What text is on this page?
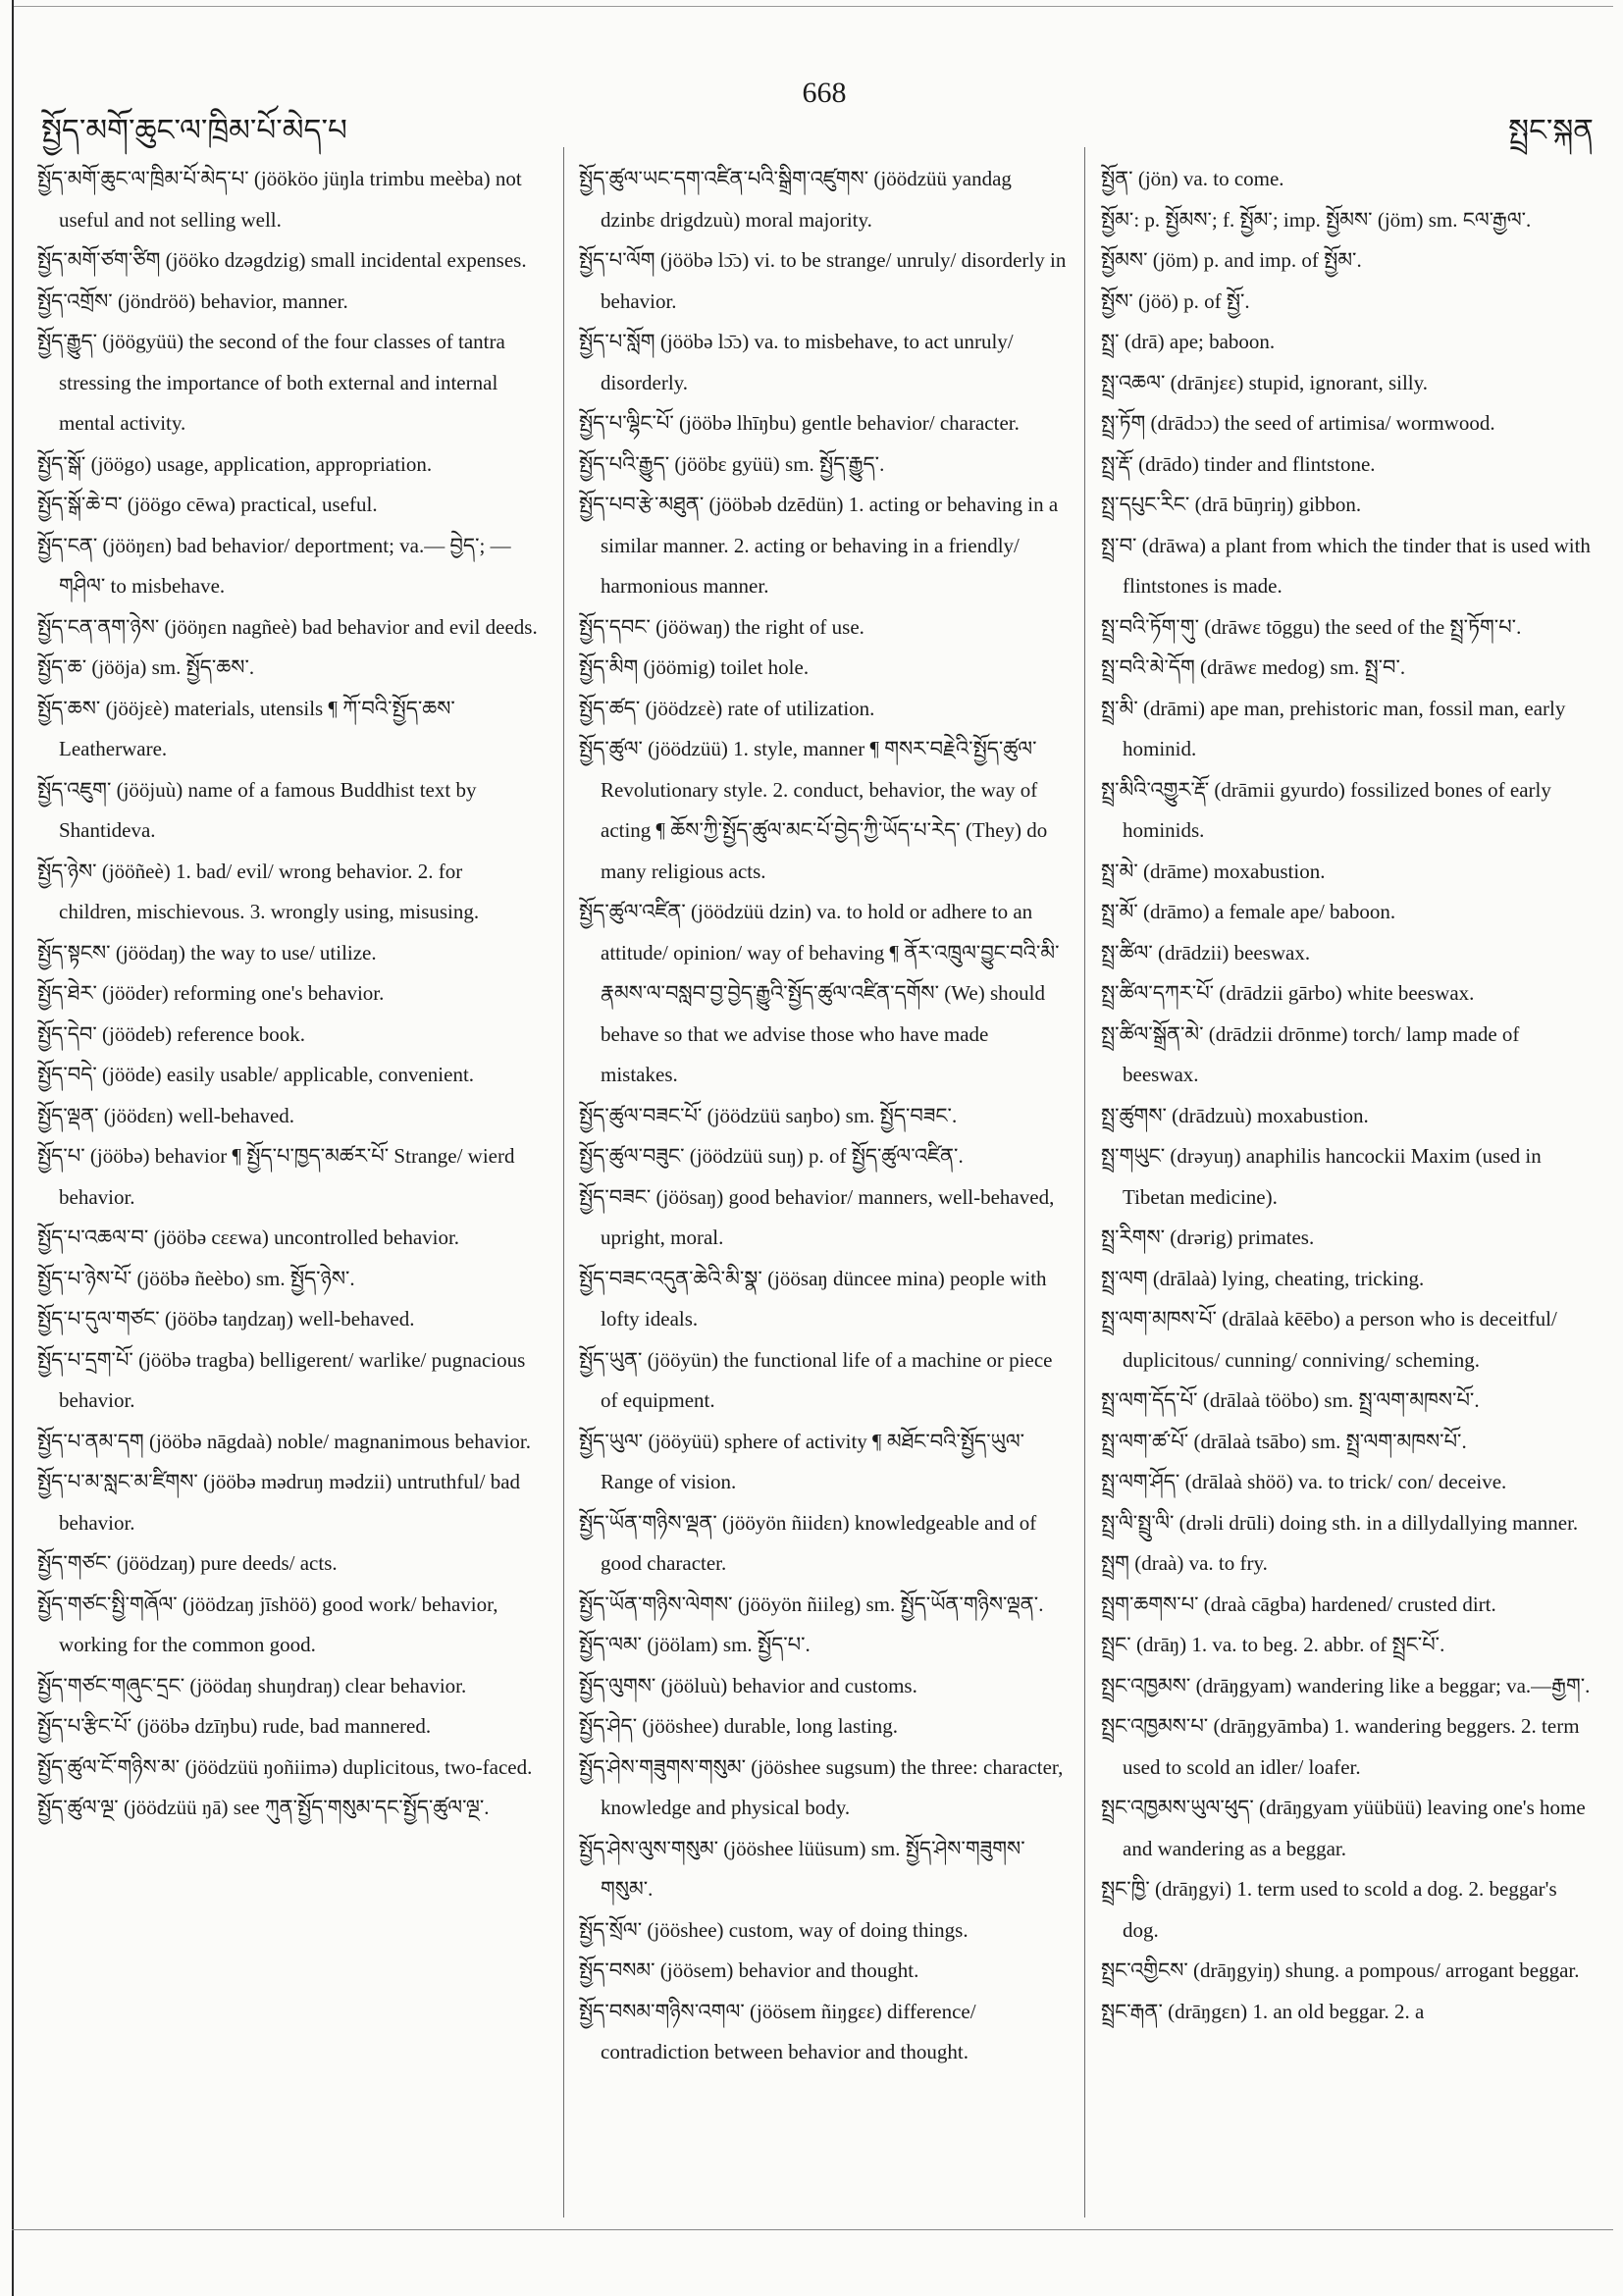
སྤྱོད་མགོ་ཆུང་ལ་ཁྲིམ་པོ་མེད་པ
668
སྤྲང་སྐན

སྤྱོད་མགོ་ཆུང་ལ་ཁྲིམ་པོ་མེད་པ་ (jöököo jüŋla trimbu meèba) not useful and not selling well.

སྤྱོད་མགོ་ཙག་ཙིག (jööko dzəgdzig) small incidental expenses.

སྤྱོད་འགྲོས་ (jöndröö) behavior, manner.

སྤྱོད་རྒྱུད་ (jöögyüü) the second of the four classes of tantra stressing the importance of both external and internal mental activity.

སྤྱོད་སྒོ་ (jöögo) usage, application, appropriation.

སྤྱོད་སྒོ་ཆེ་བ་ (jöögo cēwa) practical, useful.

སྤྱོད་ངན་ (jööŋɛn) bad behavior/ deportment; va.— བྱེད་; —གཤིལ་ to misbehave.

སྤྱོད་ངན་ནག་ཉེས་ (jööŋɛn nagñeè) bad behavior and evil deeds.

སྤྱོད་ཆ་ (jööja) sm. སྤྱོད་ཆས་.

སྤྱོད་ཆས་ (jööjɛè) materials, utensils ¶ ཀོ་བའི་སྤྱོད་ཆས་ Leatherware.

སྤྱོད་འཇུག་ (jööjuù) name of a famous Buddhist text by Shantideva.

སྤྱོད་ཉེས་ (jööñeè) 1. bad/ evil/ wrong behavior. 2. for children, mischievous. 3. wrongly using, misusing.

སྤྱོད་སྟངས་ (jöödaŋ) the way to use/ utilize.

སྤྱོད་ཐེར་ (jööder) reforming one's behavior.

སྤྱོད་དེབ་ (jöödeb) reference book.

སྤྱོད་བདེ་ (jööde) easily usable/ applicable, convenient.

སྤྱོད་ལྡན་ (jöödɛn) well-behaved.

སྤྱོད་པ་ (jööbə) behavior ¶ སྤྱོད་པ་ཁྱད་མཚར་པོ་ Strange/ wierd behavior.

སྤྱོད་པ་འཆལ་བ་ (jööbə cɛɛwa) uncontrolled behavior.

སྤྱོད་པ་ཉེས་པོ་ (jööbə ñeèbo) sm. སྤྱོད་ཉེས་.

སྤྱོད་པ་དུལ་གཙང་ (jööbə taŋdzaŋ) well-behaved.

སྤྱོད་པ་དྲག་པོ་ (jööbə tragba) belligerent/ warlike/ pugnacious behavior.

སྤྱོད་པ་ནམ་དག (jööbə nāgdaà) noble/ magnanimous behavior.

སྤྱོད་པ་མ་སླང་མ་ཛིགས་ (jööbə mədruŋ mədzii) untruthful/ bad behavior.

སྤྱོད་གཙང་ (jöödzaŋ) pure deeds/ acts.

སྤྱོད་གཙང་སྤྱི་གཞོལ་ (jöödzaŋ jīshöö) good work/ behavior, working for the common good.

སྤྱོད་གཙང་གཞུང་དྲང་ (jöödaŋ shuŋdraŋ) clear behavior.

སྤྱོད་པ་རྩིང་པོ་ (jööbə dzīŋbu) rude, bad mannered.

སྤྱོད་ཚུལ་ངོ་གཉིས་མ་ (jöödzüü ŋoñiimə) duplicitous, two-faced.

སྤྱོད་ཚུལ་ལྔ་ (jöödzüü ŋā) see ཀུན་སྤྱོད་གསུམ་དང་སྤྱོད་ཚུལ་ལྔ་.

སྤྱོད་ཚུལ་ཡང་དག་འཛིན་པའི་སྒྲིག་འཛུགས་ (jöödzüü yandag dzinbɛ drigdzuù) moral majority.

སྤྱོད་པ་ལོག (jööbə lɔ̄ɔ) vi. to be strange/ unruly/ disorderly in behavior.

སྤྱོད་པ་སློག (jööbə lɔ̄ɔ) va. to misbehave, to act unruly/ disorderly.

སྤྱོད་པ་ལྷིང་པོ་ (jööbə lhīŋbu) gentle behavior/ character.

སྤྱོད་པའི་རྒྱུད་ (jööbɛ gyüü) sm. སྤྱོད་རྒྱུད་.

སྤྱོད་པབ་རྩེ་མཐུན་ (jööbəb dzēdün) 1. acting or behaving in a similar manner. 2. acting or behaving in a friendly/ harmonious manner.

སྤྱོད་དབང་ (jööwaŋ) the right of use.

སྤྱོད་མིག (jöömig) toilet hole.

སྤྱོད་ཚད་ (jöödzɛè) rate of utilization.

སྤྱོད་ཚུལ་ (jöödzüü) 1. style, manner ¶ གསར་བརྗེའི་སྤྱོད་ཚུལ་ Revolutionary style. 2. conduct, behavior, the way of acting ¶ ཆོས་ཀྱི་སྤྱོད་ཚུལ་མང་པོ་བྱེད་ཀྱི་ཡོད་པ་རེད་ (They) do many religious acts.

སྤྱོད་ཚུལ་འཛིན་ (jöödzüü dzin) va. to hold or adhere to an attitude/ opinion/ way of behaving ¶ ནོར་འཁྲུལ་བྱུང་བའི་མི་རྣམས་ལ་བསླབ་བྱ་བྱེད་རྒྱུའི་སྤྱོད་ཚུལ་འཛིན་དགོས་ (We) should behave so that we advise those who have made mistakes.

སྤྱོད་ཚུལ་བཟང་པོ་ (jöödzüü saŋbo) sm. སྤྱོད་བཟང་.

སྤྱོད་ཚུལ་བཟུང་ (jöödzüü suŋ) p. of སྤྱོད་ཚུལ་འཛིན་.

སྤྱོད་བཟང་ (jöösaŋ) good behavior/ manners, well-behaved, upright, moral.

སྤྱོད་བཟང་འདུན་ཆེའི་མི་སྣ་ (jöösaŋ düncee mina) people with lofty ideals.

སྤྱོད་ཡུན་ (jööyün) the functional life of a machine or piece of equipment.

སྤྱོད་ཡུལ་ (jööyüü) sphere of activity ¶ མཐོང་བའི་སྤྱོད་ཡུལ་ Range of vision.

སྤྱོད་ཡོན་གཉིས་ལྡན་ (jööyön ñiidɛn) knowledgeable and of good character.

སྤྱོད་ཡོན་གཉིས་ལེགས་ (jööyön ñiileg) sm. སྤྱོད་ཡོན་གཉིས་ལྡན་.

སྤྱོད་ལམ་ (jöölam) sm. སྤྱོད་པ་.

སྤྱོད་ལུགས་ (jööluù) behavior and customs.

སྤྱོད་ཤེད་ (jööshee) durable, long lasting.

སྤྱོད་ཤེས་གཟུགས་གསུམ་ (jööshee sugsum) the three: character, knowledge and physical body.

སྤྱོད་ཤེས་ལུས་གསུམ་ (jööshee lüüsum) sm. སྤྱོད་ཤེས་གཟུགས་གསུམ་.

སྤྱོད་སྲོལ་ (jööshee) custom, way of doing things.

སྤྱོད་བསམ་ (jöösem) behavior and thought.

སྤྱོད་བསམ་གཉིས་འགལ་ (jöösem ñiŋgɛɛ) difference/ contradiction between behavior and thought.

སྤྱོན་ (jön) va. to come.

སྤྱོམ་: p. སྤྱོམས་; f. སྤྱོམ་; imp. སྤྱོམས་ (jöm) sm. ངལ་རྒྱལ་.

སྤྱོམས་ (jöm) p. and imp. of སྤྱོམ་.

སྤྱོས་ (jöö) p. of སྤྱོ་.

སྤྲ་ (drā) ape; baboon.

སྤྲ་འཆལ་ (drānjɛɛ) stupid, ignorant, silly.

སྤྲ་ཏོག (drādɔɔ) the seed of artimisa/ wormwood.

སྤྲ་རྡོ་ (drādo) tinder and flintstone.

སྤྲ་དཔུང་རིང་ (drā būŋriŋ) gibbon.

སྤྲ་བ་ (drāwa) a plant from which the tinder that is used with flintstones is made.

སྤྲ་བའི་ཏོག་གུ་ (drāwɛ tōggu) the seed of the སྤྲ་ཏོག་པ་.

སྤྲ་བའི་མེ་དོག (drāwɛ medog) sm. སྤྲ་བ་.

སྤྲ་མི་ (drāmi) ape man, prehistoric man, fossil man, early hominid.

སྤྲ་མིའི་འགྱུར་རྡོ་ (drāmii gyurdo) fossilized bones of early hominids.

སྤྲ་མེ་ (drāme) moxabustion.

སྤྲ་མོ་ (drāmo) a female ape/ baboon.

སྤྲ་ཚིལ་ (drādzii) beeswax.

སྤྲ་ཚིལ་དཀར་པོ་ (drādzii gārbo) white beeswax.

སྤྲ་ཚིལ་སྒྲོན་མེ་ (drādzii drōnme) torch/ lamp made of beeswax.

སྤྲ་ཚུགས་ (drādzuù) moxabustion.

སྤྲ་གཡུང་ (drəyuŋ) anaphilis hancockii Maxim (used in Tibetan medicine).

སྤྲ་རིགས་ (drərig) primates.

སྤྲ་ལག (drālaà) lying, cheating, tricking.

སྤྲ་ལག་མཁས་པོ་ (drālaà kēēbo) a person who is deceitful/ duplicitous/ cunning/ conniving/ scheming.

སྤྲ་ལག་དོད་པོ་ (drālaà tööbo) sm. སྤྲ་ལག་མཁས་པོ་.

སྤྲ་ལག་ཚ་པོ་ (drālaà tsābo) sm. སྤྲ་ལག་མཁས་པོ་.

སྤྲ་ལག་ཤོད་ (drālaà shöö) va. to trick/ con/ deceive.

སྤྲ་ལི་སྤྲུ་ལི་ (drəli drūli) doing sth. in a dillydallying manner.

སྤྲག (draà) va. to fry.

སྤྲག་ཆགས་པ་ (draà cāgba) hardened/ crusted dirt.

སྤྲང་ (drāŋ) 1. va. to beg. 2. abbr. of སྤྲང་པོ་.

སྤྲང་འཁྱམས་ (drāŋgyam) wandering like a beggar; va.—རྒྱག་.

སྤྲང་འཁྱམས་པ་ (drāŋgyāmba) 1. wandering beggers. 2. term used to scold an idler/ loafer.

སྤྲང་འཁྱམས་ཡུལ་ཕུད་ (drāŋgyam yüübüü) leaving one's home and wandering as a beggar.

སྤྲང་ཁྱི་ (drāŋgyi) 1. term used to scold a dog. 2. beggar's dog.

སྤྲང་འགྱིངས་ (drāŋgyiŋ) shung. a pompous/ arrogant beggar.

སྤྲང་རྒན་ (drāŋgɛn) 1. an old beggar. 2. a
